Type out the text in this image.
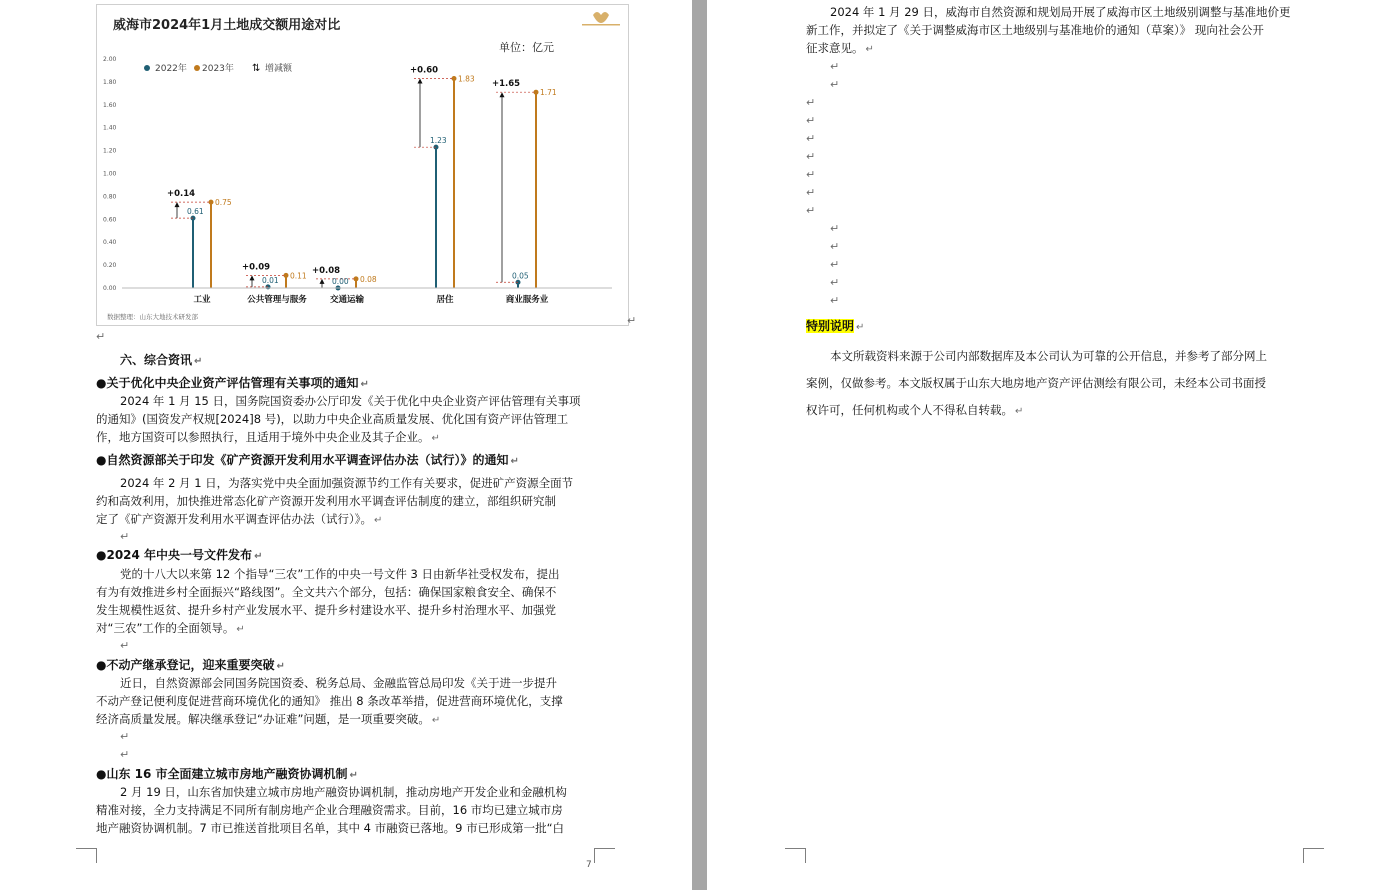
威海市2024年1月土地成交额用途对比
单位：亿元
2022年 2023年 ⇅ 增减额
0.00
0.20
0.40
0.60
0.80
1.00
1.20
1.40
1.60
1.80
2.00
+0.14
0.61
0.75
+0.09
0.01 0.11
+0.08
0.00 0.08
+0.60
1.23
1.83
+1.65
0.05
1.71
工业	公共管理与服务	交通运输	居住	商业服务业
数据整理：山东大地技术研发部	↵
↵
六、综合资讯 ↵
●关于优化中央企业资产评估管理有关事项的通知 ↵
2024 年 1 月 15 日，国务院国资委办公厅印发《关于优化中央企业资产评估管理有关事项
的通知》(国资发产权规[2024]8 号)，以助力中央企业高质量发展、优化国有资产评估管理工
作，地方国资可以参照执行，且适用于境外中央企业及其子企业。 ↵
●自然资源部关于印发《矿产资源开发利用水平调查评估办法（试行）》的通知 ↵
2024 年 2 月 1 日，为落实党中央全面加强资源节约工作有关要求，促进矿产资源全面节
约和高效利用，加快推进常态化矿产资源开发利用水平调查评估制度的建立，部组织研究制
定了《矿产资源开发利用水平调查评估办法（试行）》。 ↵
↵
●2024 年中央一号文件发布 ↵
党的十八大以来第 12 个指导“三农”工作的中央一号文件 3 日由新华社受权发布，提出
有为有效推进乡村全面振兴“路线图”。全文共六个部分，包括：确保国家粮食安全、确保不
发生规模性返贫、提升乡村产业发展水平、提升乡村建设水平、提升乡村治理水平、加强党
对“三农”工作的全面领导。 ↵
↵
●不动产继承登记，迎来重要突破 ↵
近日，自然资源部会同国务院国资委、税务总局、金融监管总局印发《关于进一步提升
不动产登记便利度促进营商环境优化的通知》 推出 8 条改革举措，促进营商环境优化，支撑
经济高质量发展。解决继承登记“办证难”问题，是一项重要突破。 ↵
↵
↵
●山东 16 市全面建立城市房地产融资协调机制 ↵
2 月 19 日，山东省加快建立城市房地产融资协调机制，推动房地产开发企业和金融机构
精准对接，全力支持满足不同所有制房地产企业合理融资需求。目前，16 市均已建立城市房
地产融资协调机制。7 市已推送首批项目名单，其中 4 市融资已落地。9 市已形成第一批“白
7
2024 年 1 月 29 日，威海市自然资源和规划局开展了威海市区土地级别调整与基准地价更
新工作，并拟定了《关于调整威海市区土地级别与基准地价的通知（草案）》 现向社会公开
征求意见。 ↵
↵
↵
↵
↵
↵
↵
↵
↵
↵
↵
↵
↵
↵
↵
特别说明 ↵
本文所载资料来源于公司内部数据库及本公司认为可靠的公开信息，并参考了部分网上
案例，仅做参考。本文版权属于山东大地房地产资产评估测绘有限公司，未经本公司书面授
权许可，任何机构或个人不得私自转载。 ↵
